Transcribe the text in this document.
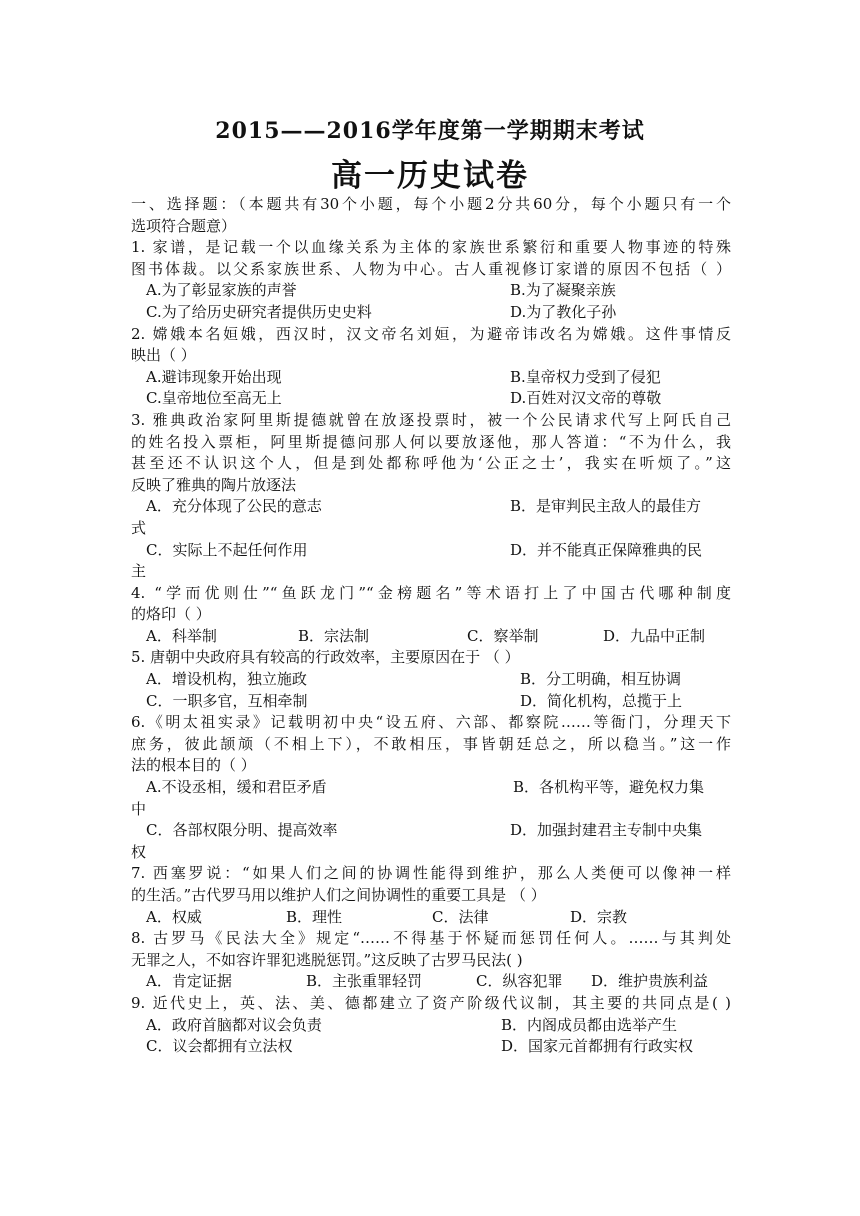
2015——2016学年度第一学期期末考试
高一历史试卷
一、选择题：（本题共有30个小题，每个小题2分共60分，每个小题只有一个
选项符合题意）
1. 家谱，是记载一个以血缘关系为主体的家族世系繁衍和重要人物事迹的特殊
图书体裁。以父系家族世系、人物为中心。古人重视修订家谱的原因不包括（ ）
A.为了彰显家族的声誉	B.为了凝聚亲族
C.为了给历史研究者提供历史史料	D.为了教化子孙
2. 嫦娥本名姮娥，西汉时，汉文帝名刘姮，为避帝讳改名为嫦娥。这件事情反
映出（ ）
A.避讳现象开始出现	B.皇帝权力受到了侵犯
C.皇帝地位至高无上	D.百姓对汉文帝的尊敬
3. 雅典政治家阿里斯提德就曾在放逐投票时，被一个公民请求代写上阿氏自己
的姓名投入票柜，阿里斯提德问那人何以要放逐他，那人答道：“不为什么，我
甚至还不认识这个人，但是到处都称呼他为‘公正之士’，我实在听烦了。”这
反映了雅典的陶片放逐法
A．充分体现了公民的意志	B．是审判民主敌人的最佳方
式
C．实际上不起任何作用	D．并不能真正保障雅典的民
主
4. “学而优则仕”“鱼跃龙门”“金榜题名”等术语打上了中国古代哪种制度
的烙印（ ）
A．科举制	B．宗法制	C．察举制	D．九品中正制
5. 唐朝中央政府具有较高的行政效率，主要原因在于 （ ）
A．增设机构，独立施政	B．分工明确，相互协调
C．一职多官，互相牵制	D．简化机构，总揽于上
6.《明太祖实录》记载明初中央“设五府、六部、都察院……等衙门，分理天下
庶务，彼此颉颃（不相上下），不敢相压，事皆朝廷总之，所以稳当。”这一作
法的根本目的（ ）
A.不设丞相，缓和君臣矛盾	B．各机构平等，避免权力集
中
C．各部权限分明、提高效率	D．加强封建君主专制中央集
权
7. 西塞罗说：“如果人们之间的协调性能得到维护，那么人类便可以像神一样
的生活。”古代罗马用以维护人们之间协调性的重要工具是 （ ）
A．权威	B．理性	C．法律	D．宗教
8. 古罗马《民法大全》规定“……不得基于怀疑而惩罚任何人。……与其判处
无罪之人，不如容许罪犯逃脱惩罚。”这反映了古罗马民法( )
A．肯定证据	B．主张重罪轻罚	C．纵容犯罪 D．维护贵族利益
9. 近代史上，英、法、美、德都建立了资产阶级代议制，其主要的共同点是( )
A．政府首脑都对议会负责	B．内阁成员都由选举产生
C．议会都拥有立法权	D．国家元首都拥有行政实权
